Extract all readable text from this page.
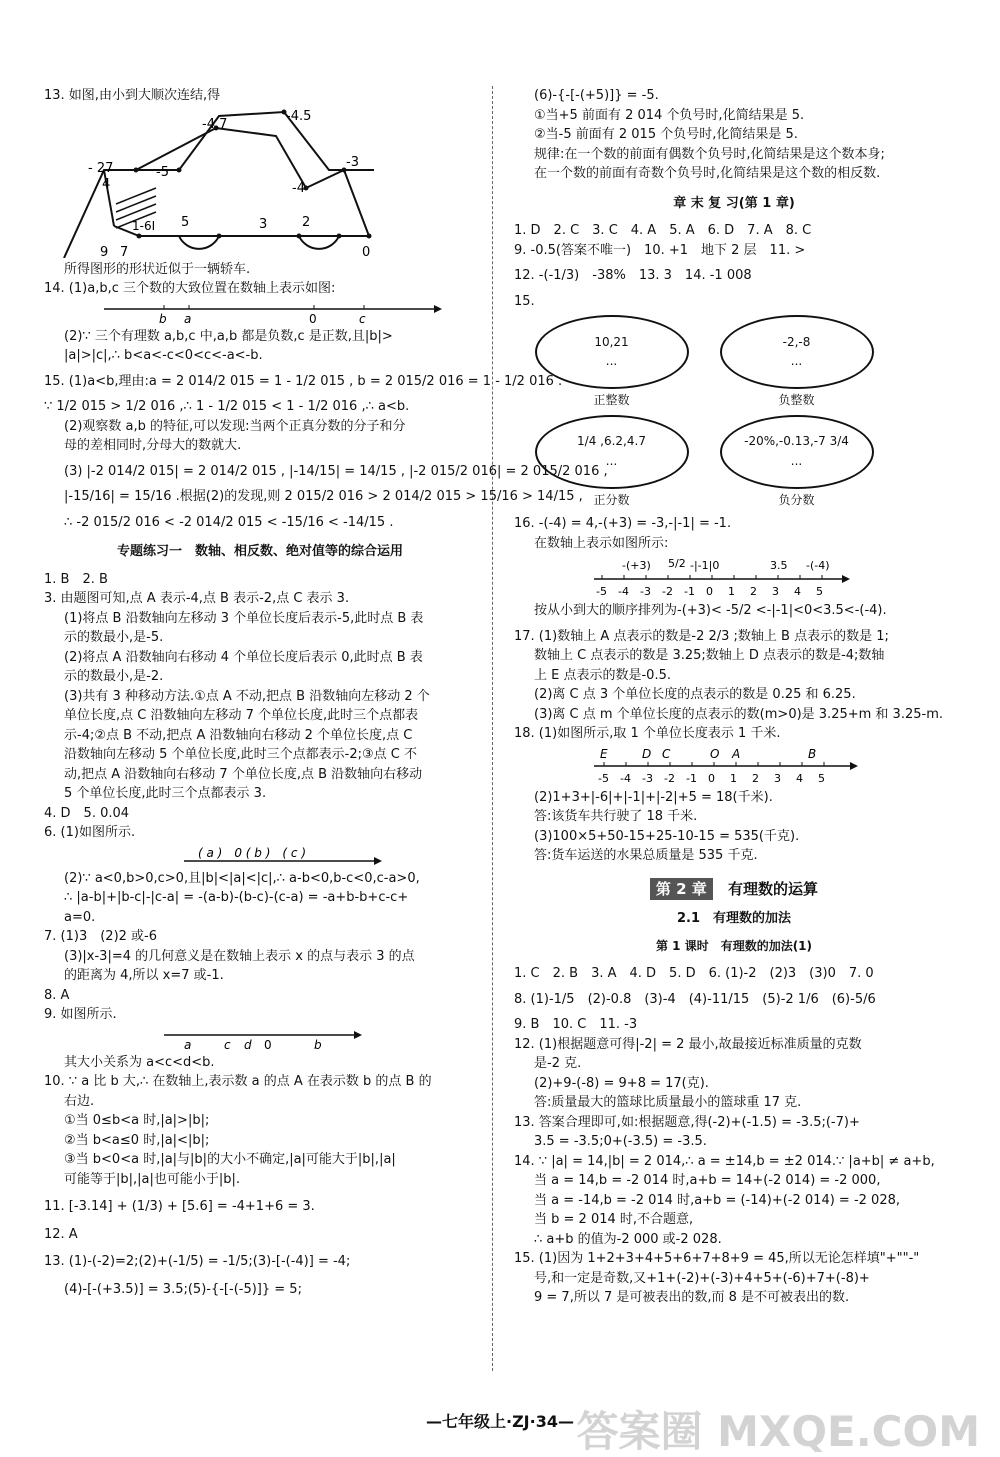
13. 如图,由小到大顺次连结,得

- 27
4
-5
-4.7
-4.5
-3
-4
1-6I 5	3	2
0
9 7

所得图形的形状近似于一辆轿车.

14. (1)a,b,c 三个数的大致位置在数轴上表示如图:

b a	0	c

(2)∵ 三个有理数 a,b,c 中,a,b 都是负数,c 是正数,且|b|>

|a|>|c|,∴ b<a<-c<0<c<-a<-b.

15. (1)a<b,理由:a = 2 014/2 015 = 1 - 1/2 015 , b = 2 015/2 016 = 1 - 1/2 016 .

∵ 1/2 015 > 1/2 016 ,∴ 1 - 1/2 015 < 1 - 1/2 016 ,∴ a<b.

(2)观察数 a,b 的特征,可以发现:当两个正真分数的分子和分

母的差相同时,分母大的数就大.

(3) |-2 014/2 015| = 2 014/2 015 , |-14/15| = 14/15 , |-2 015/2 016| = 2 015/2 016 ,

|-15/16| = 15/16 .根据(2)的发现,则 2 015/2 016 > 2 014/2 015 > 15/16 > 14/15 ,

∴ -2 015/2 016 < -2 014/2 015 < -15/16 < -14/15 .

专题练习一　数轴、相反数、绝对值等的综合运用

1. B　2. B

3. 由题图可知,点 A 表示-4,点 B 表示-2,点 C 表示 3.

(1)将点 B 沿数轴向左移动 3 个单位长度后表示-5,此时点 B 表

示的数最小,是-5.

(2)将点 A 沿数轴向右移动 4 个单位长度后表示 0,此时点 B 表

示的数最小,是-2.

(3)共有 3 种移动方法.①点 A 不动,把点 B 沿数轴向左移动 2 个

单位长度,点 C 沿数轴向左移动 7 个单位长度,此时三个点都表

示-4;②点 B 不动,把点 A 沿数轴向右移动 2 个单位长度,点 C

沿数轴向左移动 5 个单位长度,此时三个点都表示-2;③点 C 不

动,把点 A 沿数轴向右移动 7 个单位长度,点 B 沿数轴向右移动

5 个单位长度,此时三个点都表示 3.

4. D　5. 0.04

6. (1)如图所示.

( a )　0 ( b )　( c )

(2)∵ a<0,b>0,c>0,且|b|<|a|<|c|,∴ a-b<0,b-c<0,c-a>0,

∴ |a-b|+|b-c|-|c-a| = -(a-b)-(b-c)-(c-a) = -a+b-b+c-c+

a=0.

7. (1)3　(2)2 或-6

(3)|x-3|=4 的几何意义是在数轴上表示 x 的点与表示 3 的点

的距离为 4,所以 x=7 或-1.

8. A

9. 如图所示.

a	c d 0	b

其大小关系为 a<c<d<b.

10. ∵ a 比 b 大,∴ 在数轴上,表示数 a 的点 A 在表示数 b 的点 B 的

右边.

①当 0≤b<a 时,|a|>|b|;

②当 b<a≤0 时,|a|<|b|;

③当 b<0<a 时,|a|与|b|的大小不确定,|a|可能大于|b|,|a|

可能等于|b|,|a|也可能小于|b|.

11. [-3.14] + (1/3) + [5.6] = -4+1+6 = 3.

12. A

13. (1)-(-2)=2;(2)+(-1/5) = -1/5;(3)-[-(-4)] = -4;

(4)-[-(+3.5)] = 3.5;(5)-{-[-(-5)]} = 5;

(6)-{-[-(+5)]} = -5.

①当+5 前面有 2 014 个负号时,化简结果是 5.

②当-5 前面有 2 015 个负号时,化简结果是 5.

规律:在一个数的前面有偶数个负号时,化简结果是这个数本身;

在一个数的前面有奇数个负号时,化简结果是这个数的相反数.

章 末 复 习(第 1 章)

1. D　2. C　3. C　4. A　5. A　6. D　7. A　8. C

9. -0.5(答案不唯一)　10. +1　地下 2 层　11. >

12. -(-1/3)　-38%　13. 3　14. -1 008

15.

10,21
...
正整数
-2,-8
...
负整数
1/4 ,6.2,4.7
...
正分数
-20%,-0.13,-7 3/4
...
负分数

16. -(-4) = 4,-(+3) = -3,-|-1| = -1.

在数轴上表示如图所示:

-5 -4 -3 -2 -1 0 1 2 3 4 5
-(+3) 5/2 -|-1|0	3.5 -(-4)

按从小到大的顺序排列为-(+3)< -5/2 <-|-1|<0<3.5<-(-4).

17. (1)数轴上 A 点表示的数是-2 2/3 ;数轴上 B 点表示的数是 1;

数轴上 C 点表示的数是 3.25;数轴上 D 点表示的数是-4;数轴

上 E 点表示的数是-0.5.

(2)离 C 点 3 个单位长度的点表示的数是 0.25 和 6.25.

(3)离 C 点 m 个单位长度的点表示的数(m>0)是 3.25+m 和 3.25-m.

18. (1)如图所示,取 1 个单位长度表示 1 千米.

-5 -4 -3 -2 -1 0 1 2 3 4 5
E	D C	O A	B

(2)1+3+|-6|+|-1|+|-2|+5 = 18(千米).

答:该货车共行驶了 18 千米.

(3)100×5+50-15+25-10-15 = 535(千克).

答:货车运送的水果总质量是 535 千克.

第 2 章 有理数的运算

2.1　有理数的加法

第 1 课时　有理数的加法(1)

1. C　2. B　3. A　4. D　5. D　6. (1)-2　(2)3　(3)0　7. 0

8. (1)-1/5　(2)-0.8　(3)-4　(4)-11/15　(5)-2 1/6　(6)-5/6

9. B　10. C　11. -3

12. (1)根据题意可得|-2| = 2 最小,故最接近标准质量的克数

是-2 克.

(2)+9-(-8) = 9+8 = 17(克).

答:质量最大的篮球比质量最小的篮球重 17 克.

13. 答案合理即可,如:根据题意,得(-2)+(-1.5) = -3.5;(-7)+

3.5 = -3.5;0+(-3.5) = -3.5.

14. ∵ |a| = 14,|b| = 2 014,∴ a = ±14,b = ±2 014.∵ |a+b| ≠ a+b,

当 a = 14,b = -2 014 时,a+b = 14+(-2 014) = -2 000,

当 a = -14,b = -2 014 时,a+b = (-14)+(-2 014) = -2 028,

当 b = 2 014 时,不合题意,

∴ a+b 的值为-2 000 或-2 028.

15. (1)因为 1+2+3+4+5+6+7+8+9 = 45,所以无论怎样填"+""-"

号,和一定是奇数,又+1+(-2)+(-3)+4+5+(-6)+7+(-8)+

9 = 7,所以 7 是可被表出的数,而 8 是不可被表出的数.

—七年级上·ZJ·34— 答案圈 MXQE.COM
